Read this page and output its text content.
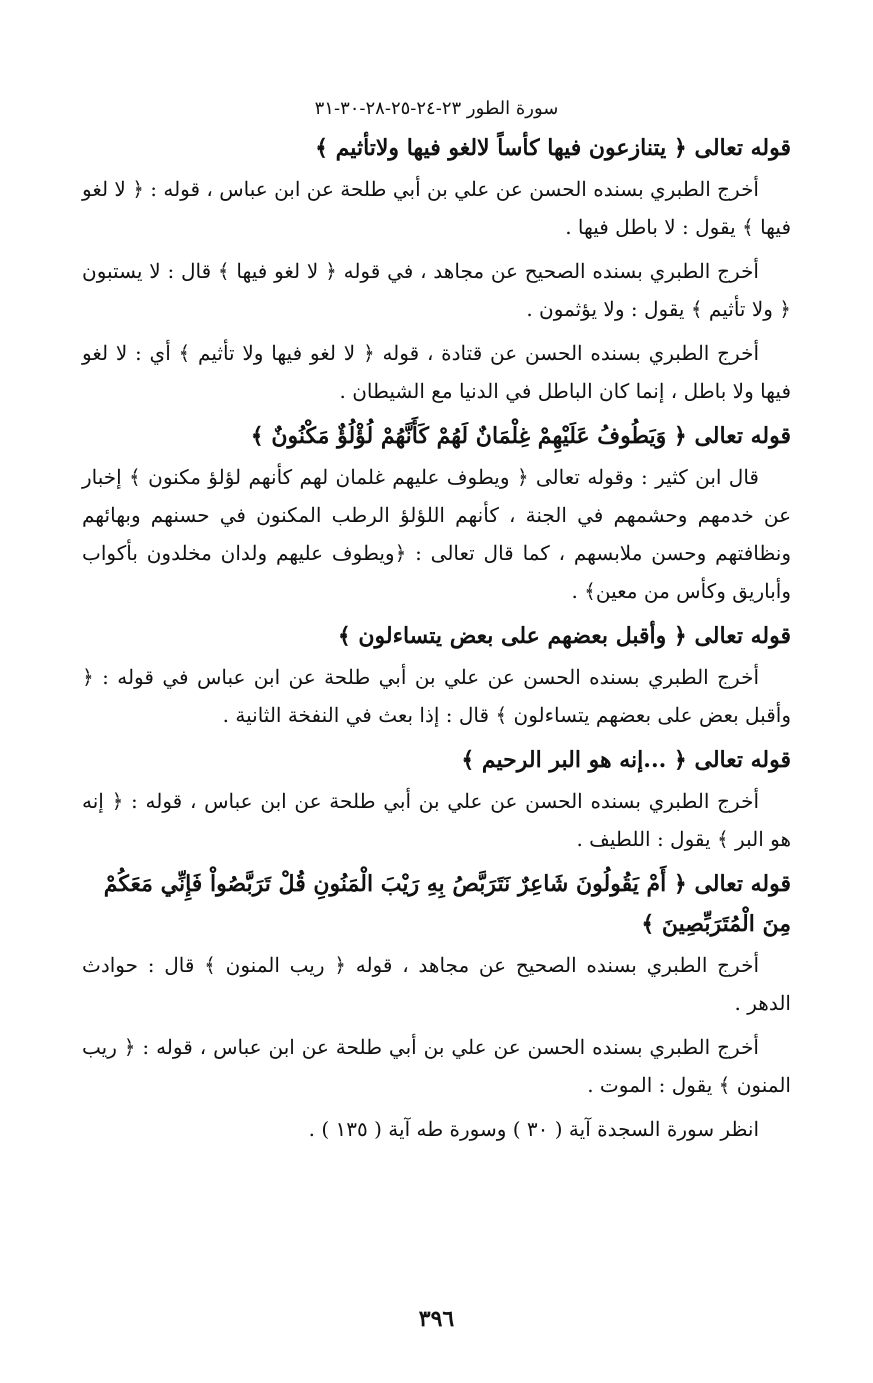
سورة الطور ٢٣-٢٤-٢٥-٢٨-٣٠-٣١
قوله تعالى ﴿ يتنازعون فيها كأساً لالغو فيها ولاتأثيم ﴾

أخرج الطبري بسنده الحسن عن علي بن أبي طلحة عن ابن عباس ، قوله : ﴿ لا لغو فيها ﴾ يقول : لا باطل فيها .

أخرج الطبري بسنده الصحيح عن مجاهد ، في قوله ﴿ لا لغو فيها ﴾ قال : لا يستبون ﴿ ولا تأثيم ﴾ يقول : ولا يؤثمون .

أخرج الطبري بسنده الحسن عن قتادة ، قوله ﴿ لا لغو فيها ولا تأثيم ﴾ أي : لا لغو فيها ولا باطل ، إنما كان الباطل في الدنيا مع الشيطان .

قوله تعالى ﴿ وَيَطُوفُ عَلَيْهِمْ غِلْمَانٌ لَهُمْ كَأَنَّهُمْ لُؤْلُؤٌ مَكْنُونٌ ﴾

قال ابن كثير : وقوله تعالى ﴿ ويطوف عليهم غلمان لهم كأنهم لؤلؤ مكنون ﴾ إخبار عن خدمهم وحشمهم في الجنة ، كأنهم اللؤلؤ الرطب المكنون في حسنهم وبهائهم ونظافتهم وحسن ملابسهم ، كما قال تعالى : ﴿ويطوف عليهم ولدان مخلدون بأكواب وأباريق وكأس من معين﴾ .

قوله تعالى ﴿ وأقبل بعضهم على بعض يتساءلون ﴾

أخرج الطبري بسنده الحسن عن علي بن أبي طلحة عن ابن عباس في قوله : ﴿ وأقبل بعض على بعضهم يتساءلون ﴾ قال : إذا بعث في النفخة الثانية .

قوله تعالى ﴿ ...إنه هو البر الرحيم ﴾

أخرج الطبري بسنده الحسن عن علي بن أبي طلحة عن ابن عباس ، قوله : ﴿ إنه هو البر ﴾ يقول : اللطيف .

قوله تعالى ﴿ أَمْ يَقُولُونَ شَاعِرٌ نَتَرَبَّصُ بِهِ رَيْبَ الْمَنُونِ قُلْ تَرَبَّصُواْ فَإِنِّي مَعَكُمْ مِنَ الْمُتَرَبِّصِينَ ﴾

أخرج الطبري بسنده الصحيح عن مجاهد ، قوله ﴿ ريب المنون ﴾ قال : حوادث الدهر .

أخرج الطبري بسنده الحسن عن علي بن أبي طلحة عن ابن عباس ، قوله : ﴿ ريب المنون ﴾ يقول : الموت .

انظر سورة السجدة آية ( ٣٠ ) وسورة طه آية ( ١٣٥ ) .

٣٩٦
